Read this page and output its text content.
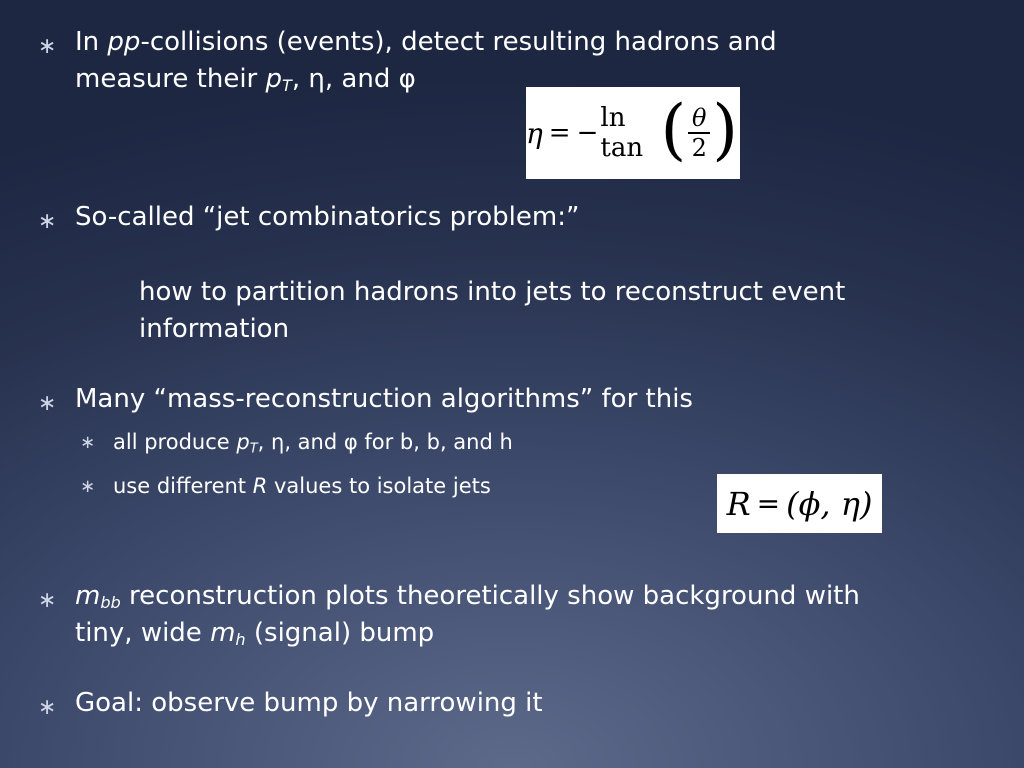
∗ In pp-collisions (events), detect resulting hadrons and
measure their $p_T$, η, and φ
η = − ln tan ( θ
2 )
∗ So-called “jet combinatorics problem:”
how to partition hadrons into jets to reconstruct event
information
∗ Many “mass-reconstruction algorithms” for this
∗ all produce $p_T$, η, and φ for b, b, and h
∗ use different R values to isolate jets	R = (ϕ, η)
∗ $m_{bb}$ reconstruction plots theoretically show background with
tiny, wide $m_h$ (signal) bump
∗ Goal: observe bump by narrowing it
